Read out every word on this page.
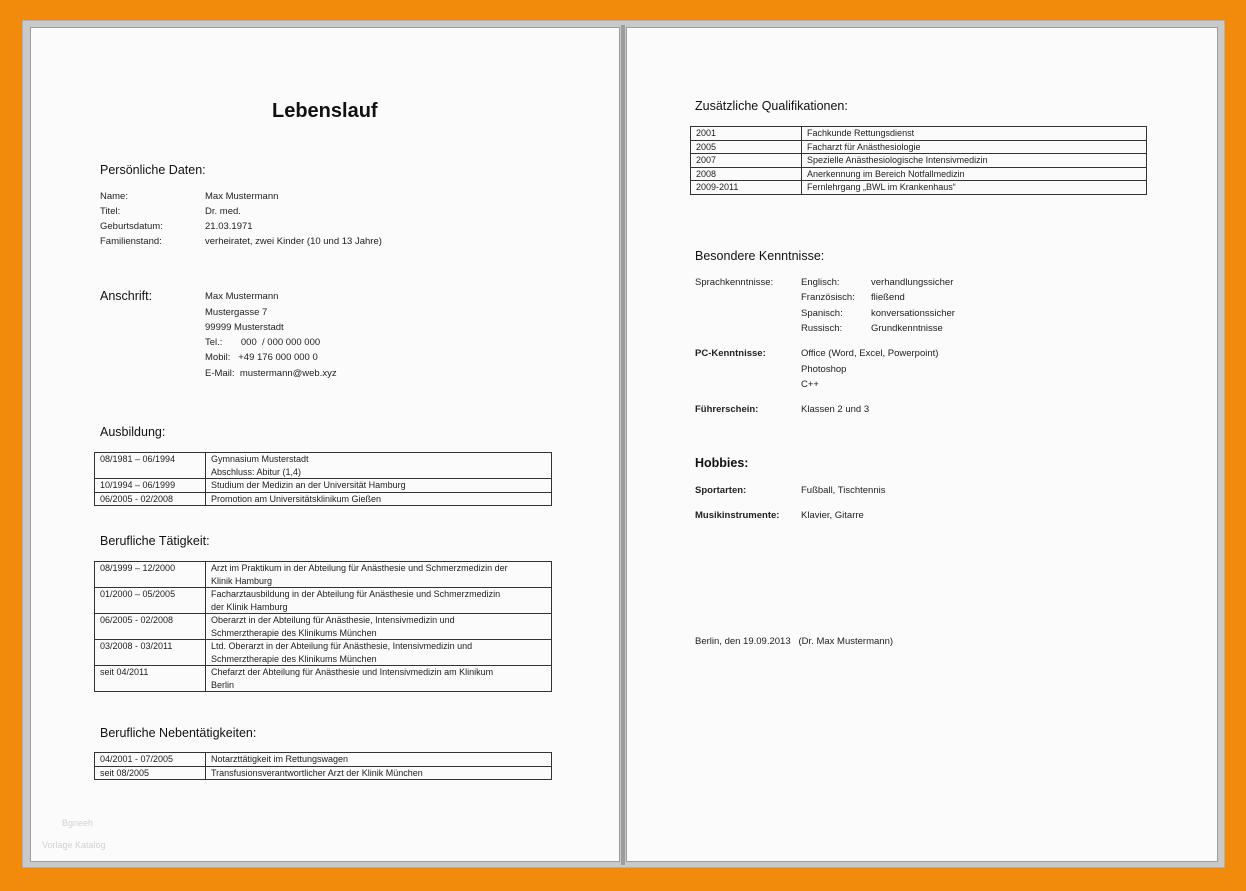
Lebenslauf
Persönliche Daten:
Name:	Max Mustermann
Titel:	Dr. med.
Geburtsdatum:	21.03.1971
Familienstand:	verheiratet, zwei Kinder (10 und 13 Jahre)
Anschrift:	Max Mustermann
Mustergasse 7
99999 Musterstadt
Tel.:       000  / 000 000 000
Mobil:   +49 176 000 000 0
E-Mail:  mustermann@web.xyz
Ausbildung:
08/1981 – 06/1994	Gymnasium Musterstadt
Abschluss: Abitur (1,4)

10/1994 – 06/1999	Studium der Medizin an der Universität Hamburg
06/2005 - 02/2008	Promotion am Universitätsklinikum Gießen
Berufliche Tätigkeit:
08/1999 – 12/2000	Arzt im Praktikum in der Abteilung für Anästhesie und Schmerzmedizin der
Klinik Hamburg

01/2000 – 05/2005	Facharztausbildung in der Abteilung für Anästhesie und Schmerzmedizin
der Klinik Hamburg

06/2005 - 02/2008	Oberarzt in der Abteilung für Anästhesie, Intensivmedizin und
Schmerztherapie des Klinikums München

03/2008 - 03/2011	Ltd. Oberarzt in der Abteilung für Anästhesie, Intensivmedizin und
Schmerztherapie des Klinikums München

seit 04/2011	Chefarzt der Abteilung für Anästhesie und Intensivmedizin am Klinikum
Berlin
Berufliche Nebentätigkeiten:
04/2001 - 07/2005	Notarzttätigkeit im Rettungswagen
seit 08/2005	Transfusionsverantwortlicher Arzt der Klinik München
Bgneeh
Vorlage Katalog
Zusätzliche Qualifikationen:
2001	Fachkunde Rettungsdienst
2005	Facharzt für Anästhesiologie
2007	Spezielle Anästhesiologische Intensivmedizin
2008	Anerkennung im Bereich Notfallmedizin
2009-2011	Fernlehrgang „BWL im Krankenhaus“
Besondere Kenntnisse:
Sprachkenntnisse:	Englisch:	verhandlungssicher
Französisch: fließend
Spanisch:	konversationssicher
Russisch:	Grundkenntnisse
PC-Kenntnisse:	Office (Word, Excel, Powerpoint)
Photoshop
C++
Führerschein:	Klassen 2 und 3
Hobbies:
Sportarten:	Fußball, Tischtennis
Musikinstrumente: Klavier, Gitarre
Berlin, den 19.09.2013   (Dr. Max Mustermann)
